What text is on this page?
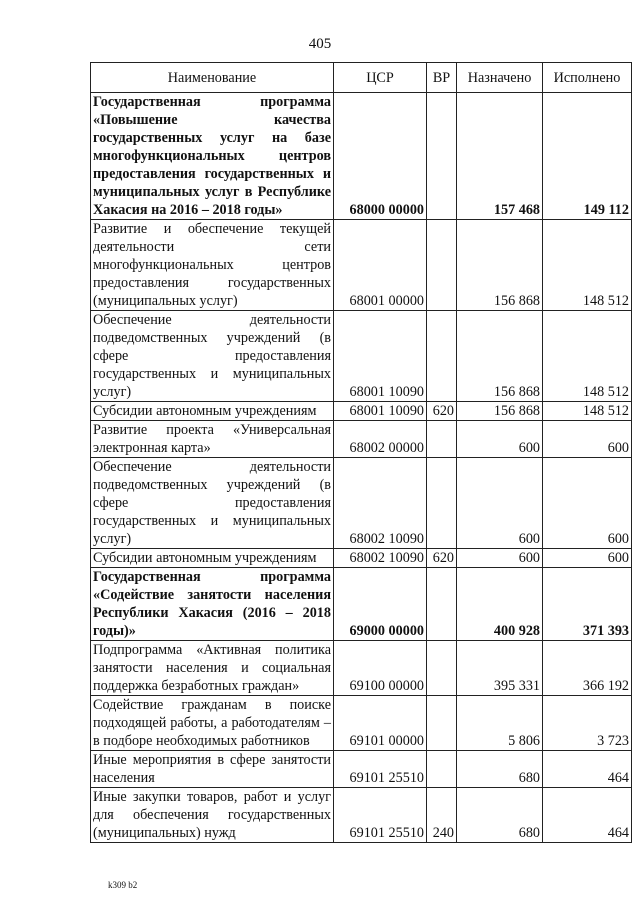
405
Наименование	ЦСР	ВР	Назначено	Исполнено
Государственная программа «Повышение качества государственных услуг на базе многофункциональных центров предоставления государственных и муниципальных услуг в Республике Хакасия на 2016 – 2018 годы»	68000 00000		157 468	149 112
Развитие и обеспечение текущей деятельности сети многофункциональных центров предоставления государственных (муниципальных услуг)	68001 00000		156 868	148 512
Обеспечение деятельности подведомственных учреждений (в сфере предоставления государственных и муниципальных услуг)	68001 10090		156 868	148 512
Субсидии автономным учреждениям	68001 10090	620	156 868	148 512
Развитие проекта «Универсальная электронная карта»	68002 00000		600	600
Обеспечение деятельности подведомственных учреждений (в сфере предоставления государственных и муниципальных услуг)	68002 10090		600	600
Субсидии автономным учреждениям	68002 10090	620	600	600
Государственная программа «Содействие занятости населения Республики Хакасия (2016 – 2018 годы)»	69000 00000		400 928	371 393
Подпрограмма «Активная политика занятости населения и социальная поддержка безработных граждан»	69100 00000		395 331	366 192
Содействие гражданам в поиске подходящей работы, а работодателям – в подборе необходимых работников	69101 00000		5 806	3 723
Иные мероприятия в сфере занятости населения	69101 25510		680	464
Иные закупки товаров, работ и услуг для обеспечения государственных (муниципальных) нужд	69101 25510	240	680	464
k309 b2
